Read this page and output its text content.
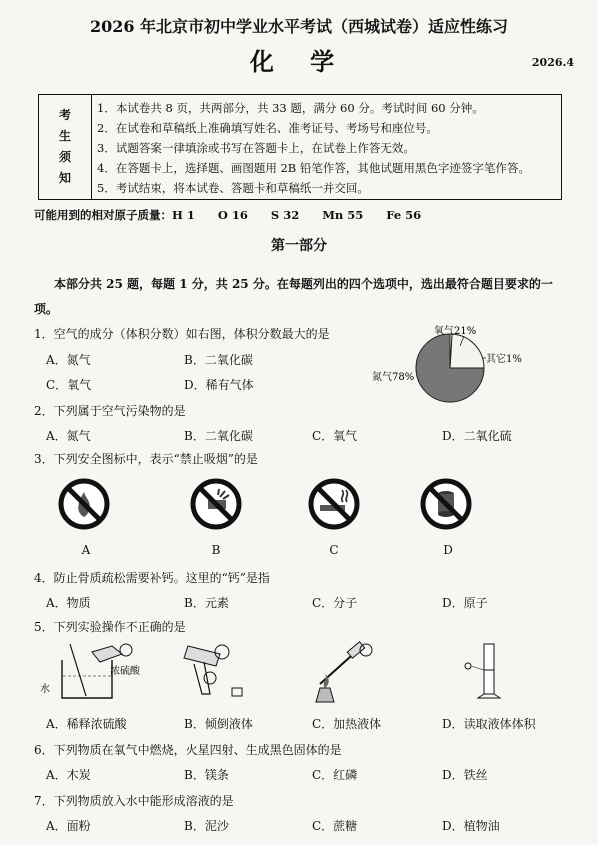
2026 年北京市初中学业水平考试（西城试卷）适应性练习
化 学	2026.4
考
生
须
知
1．本试卷共 8 页，共两部分，共 33 题，满分 60 分。考试时间 60 分钟。
2．在试卷和草稿纸上准确填写姓名、准考证号、考场号和座位号。
3．试题答案一律填涂或书写在答题卡上，在试卷上作答无效。
4．在答题卡上，选择题、画图题用 2B 铅笔作答，其他试题用黑色字迹签字笔作答。
5．考试结束，将本试卷、答题卡和草稿纸一并交回。
可能用到的相对原子质量：H 1　　O 16　　S 32　　Mn 55　　Fe 56
第一部分
本部分共 25 题，每题 1 分，共 25 分。在每题列出的四个选项中，选出最符合题目要求的一项。
1．空气的成分（体积分数）如右图，体积分数最大的是
A．氮气	B．二氧化碳
C．氧气	D．稀有气体
氧气21%
其它1%
氮气78%
2．下列属于空气污染物的是
A．氮气	B．二氧化碳	C．氧气	D．二氧化硫
3．下列安全图标中，表示“禁止吸烟”的是
A	B	C	D
4．防止骨质疏松需要补钙。这里的“钙”是指
A．物质	B．元素	C．分子	D．原子
5．下列实验操作不正确的是
水
浓硫酸
A．稀释浓硫酸	B．倾倒液体	C．加热液体	D．读取液体体积
6．下列物质在氧气中燃烧，火星四射、生成黑色固体的是
A．木炭	B．镁条	C．红磷	D．铁丝
7．下列物质放入水中能形成溶液的是
A．面粉	B．泥沙	C．蔗糖	D．植物油
